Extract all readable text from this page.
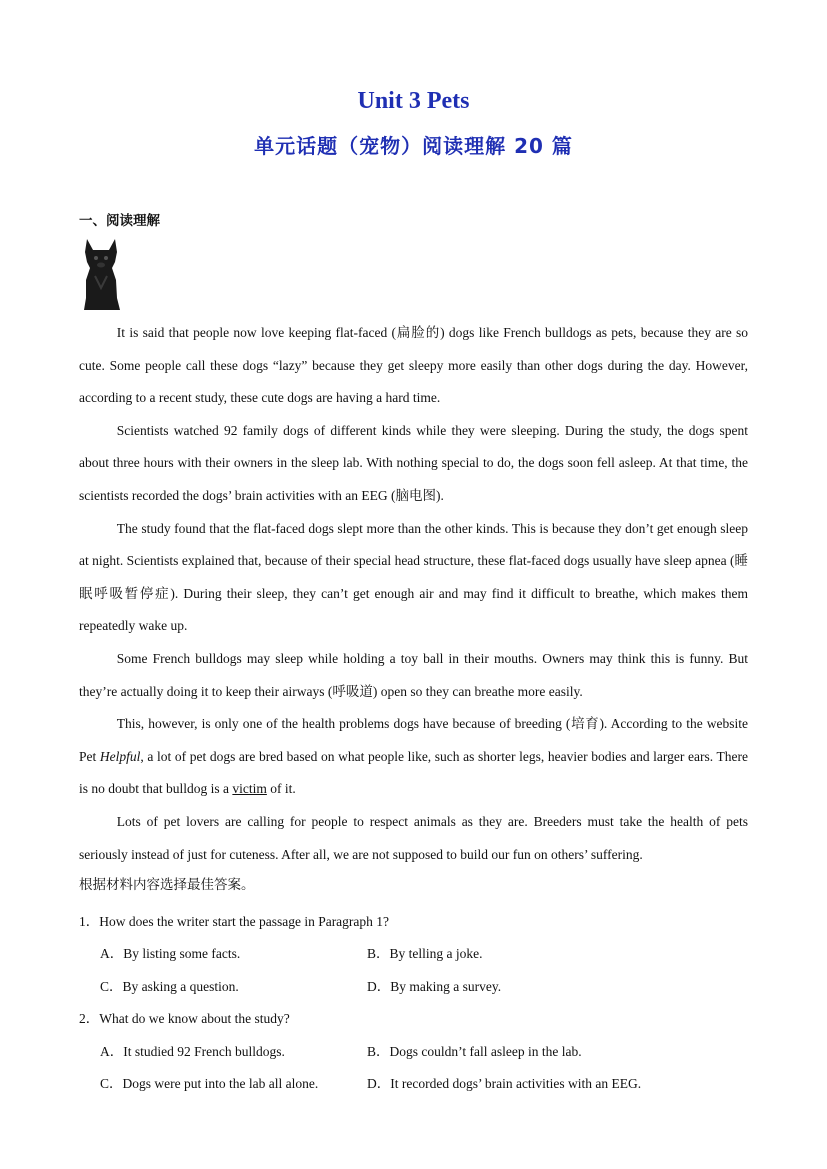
Unit 3 Pets
单元话题（宠物）阅读理解 20 篇
一、阅读理解

It is said that people now love keeping flat-faced (扁脸的) dogs like French bulldogs as pets, because they are so cute. Some people call these dogs “lazy” because they get sleepy more easily than other dogs during the day. However, according to a recent study, these cute dogs are having a hard time.

Scientists watched 92 family dogs of different kinds while they were sleeping. During the study, the dogs spent about three hours with their owners in the sleep lab. With nothing special to do, the dogs soon fell asleep. At that time, the scientists recorded the dogs’ brain activities with an EEG (脑电图).

The study found that the flat-faced dogs slept more than the other kinds. This is because they don’t get enough sleep at night. Scientists explained that, because of their special head structure, these flat-faced dogs usually have sleep apnea (睡眠呼吸暂停症). During their sleep, they can’t get enough air and may find it difficult to breathe, which makes them repeatedly wake up.

Some French bulldogs may sleep while holding a toy ball in their mouths. Owners may think this is funny. But they’re actually doing it to keep their airways (呼吸道) open so they can breathe more easily.

This, however, is only one of the health problems dogs have because of breeding (培育). According to the website Pet Helpful, a lot of pet dogs are bred based on what people like, such as shorter legs, heavier bodies and larger ears. There is no doubt that bulldog is a victim of it.

Lots of pet lovers are calling for people to respect animals as they are. Breeders must take the health of pets seriously instead of just for cuteness. After all, we are not supposed to build our fun on others’ suffering.

根据材料内容选择最佳答案。
1．How does the writer start the passage in Paragraph 1?
A．By listing some facts.	B．By telling a joke.
C．By asking a question.	D．By making a survey.
2．What do we know about the study?
A．It studied 92 French bulldogs.	B．Dogs couldn’t fall asleep in the lab.
C．Dogs were put into the lab all alone.	D．It recorded dogs’ brain activities with an EEG.
